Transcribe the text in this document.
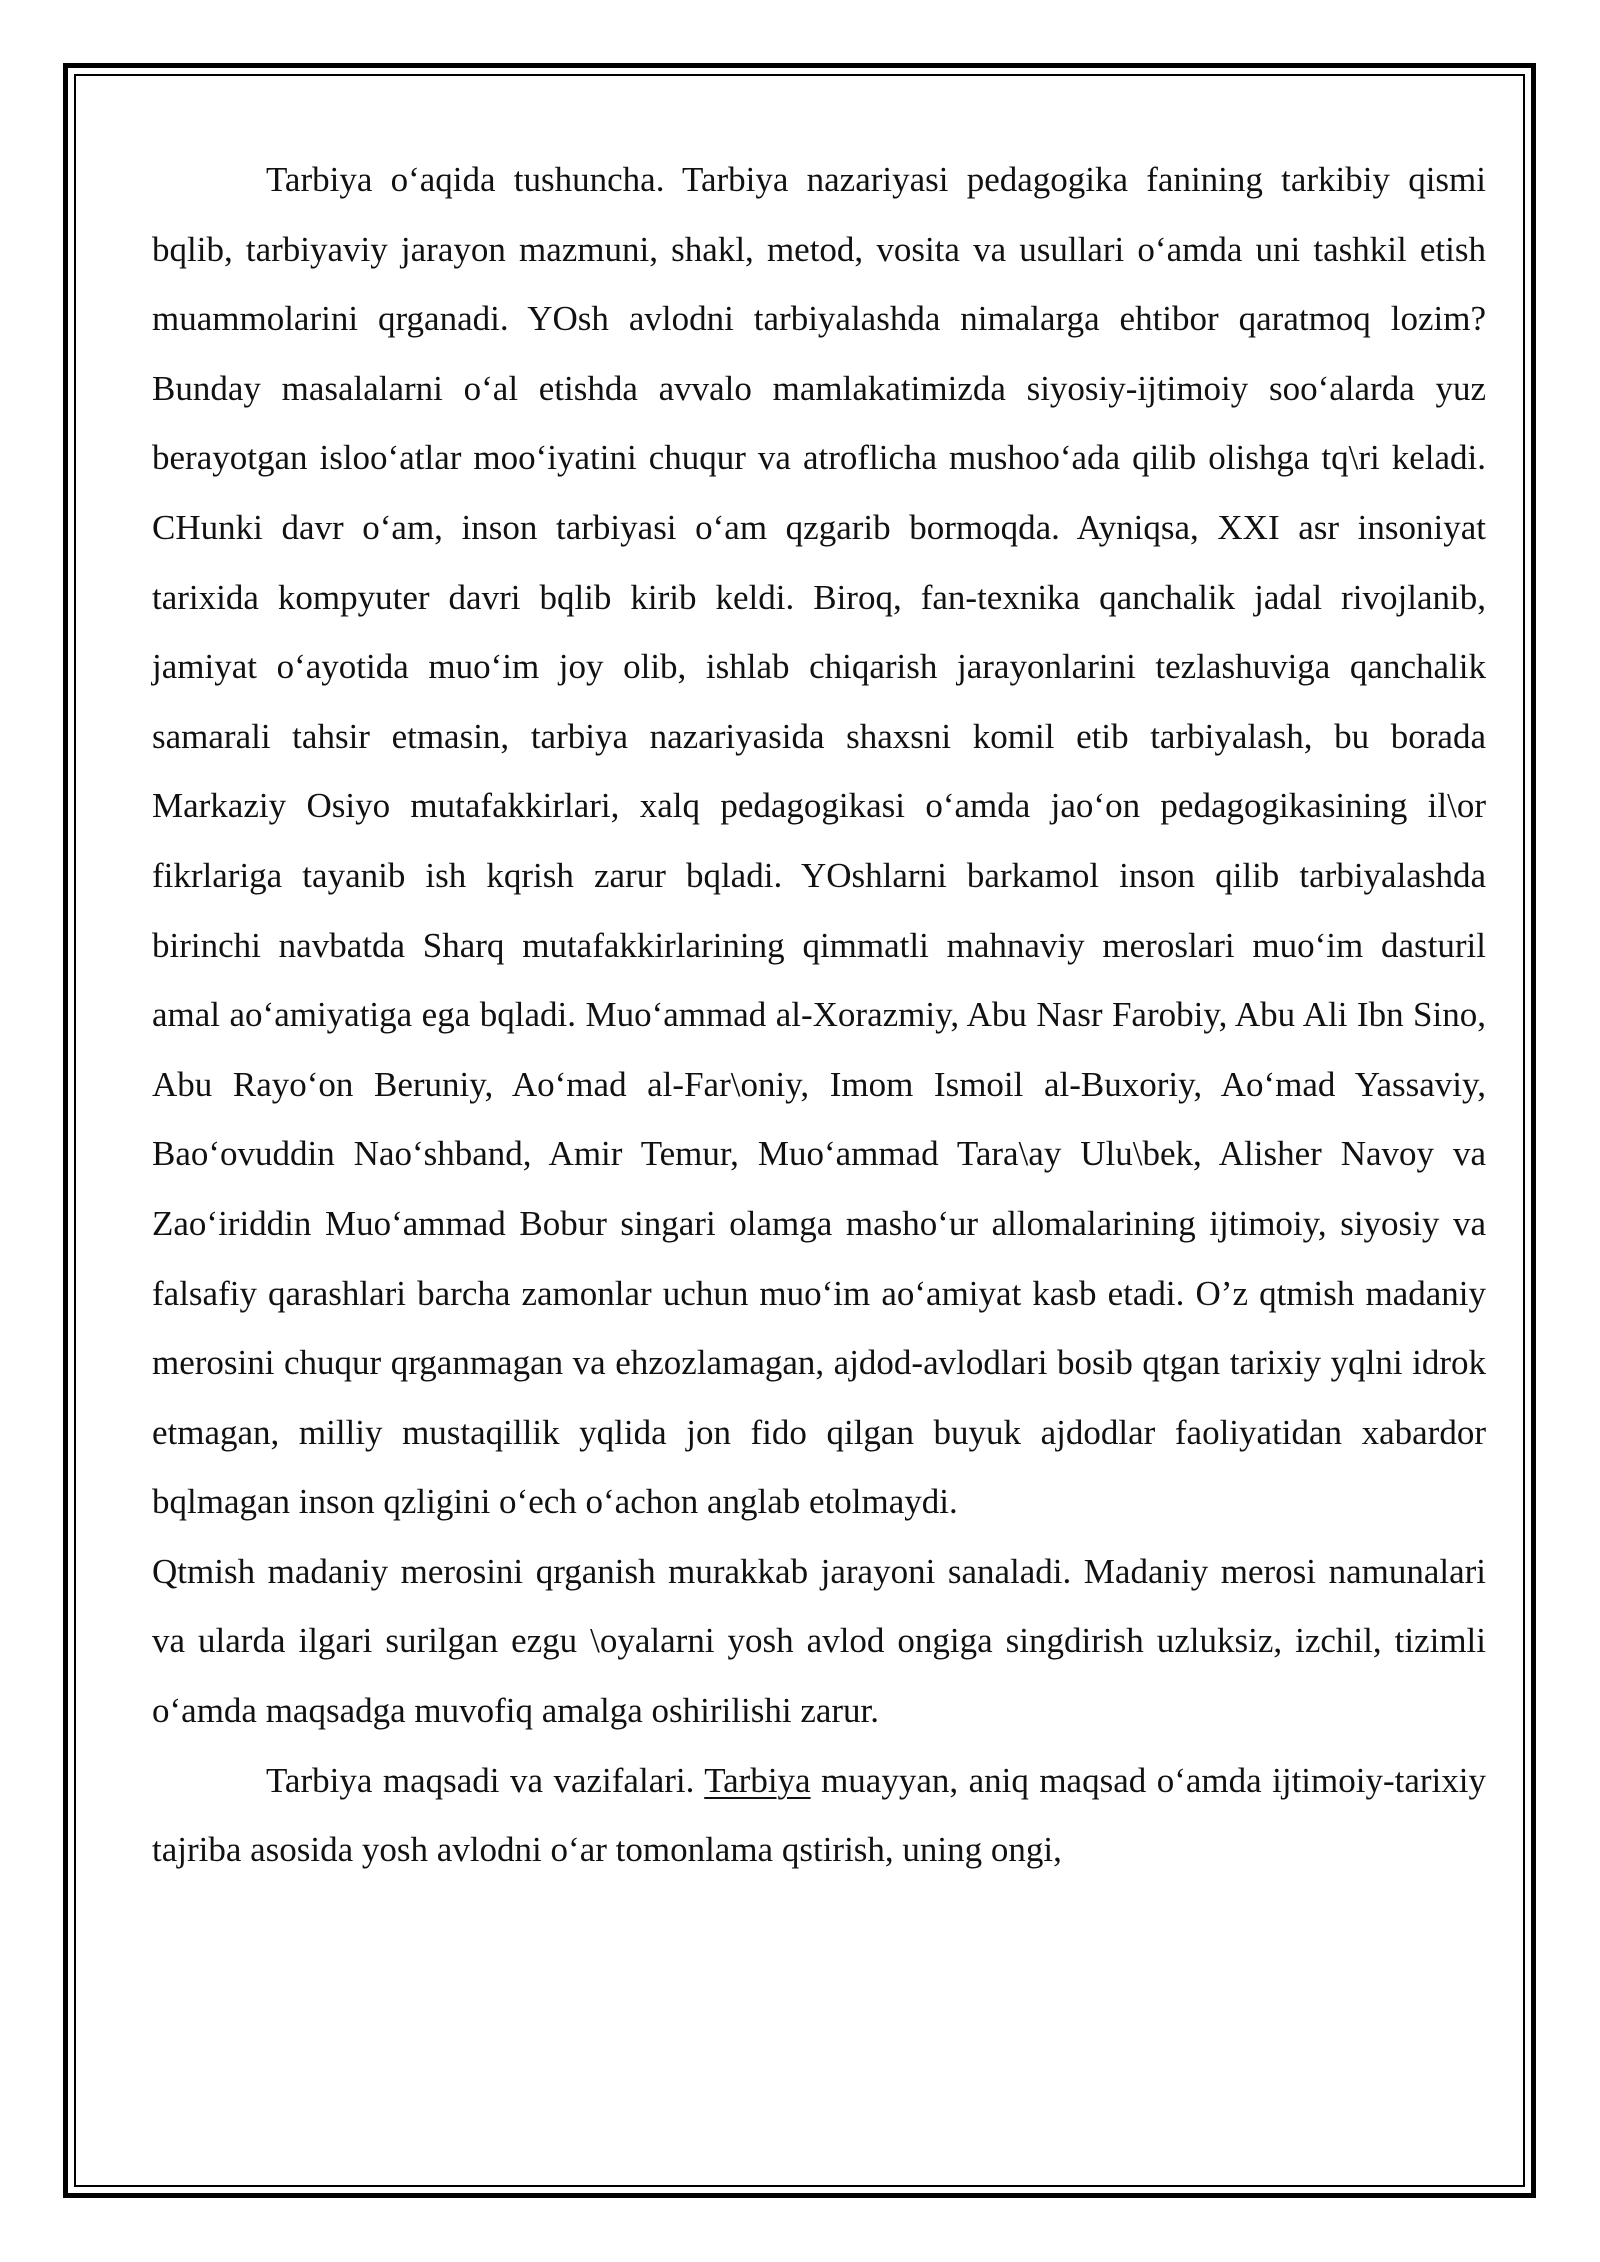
Tarbiya o‘aqida tushuncha. Tarbiya nazariyasi pedagogika fanining tarkibiy qismi bqlib, tarbiyaviy jarayon mazmuni, shakl, metod, vosita va usullari o‘amda uni tashkil etish muammolarini qrganadi. YOsh avlodni tarbiyalashda nimalarga ehtibor qaratmoq lozim? Bunday masalalarni o‘al etishda avvalo mamlakatimizda siyosiy-ijtimoiy soo‘alarda yuz berayotgan isloo‘atlar moo‘iyatini chuqur va atroflicha mushoo‘ada qilib olishga tq\ri keladi. CHunki davr o‘am, inson tarbiyasi o‘am qzgarib bormoqda. Ayniqsa, XXI asr insoniyat tarixida kompyuter davri bqlib kirib keldi. Biroq, fan-texnika qanchalik jadal rivojlanib, jamiyat o‘ayotida muo‘im joy olib, ishlab chiqarish jarayonlarini tezlashuviga qanchalik samarali tahsir etmasin, tarbiya nazariyasida shaxsni komil etib tarbiyalash, bu borada Markaziy Osiyo mutafakkirlari, xalq pedagogikasi o‘amda jao‘on pedagogikasining il\or fikrlariga tayanib ish kqrish zarur bqladi. YOshlarni barkamol inson qilib tarbiyalashda birinchi navbatda Sharq mutafakkirlarining qimmatli mahnaviy meroslari muo‘im dasturil amal ao‘amiyatiga ega bqladi. Muo‘ammad al-Xorazmiy, Abu Nasr Farobiy, Abu Ali Ibn Sino, Abu Rayo‘on Beruniy, Ao‘mad al-Far\oniy, Imom Ismoil al-Buxoriy, Ao‘mad Yassaviy, Bao‘ovuddin Nao‘shband, Amir Temur, Muo‘ammad Tara\ay Ulu\bek, Alisher Navoy va Zao‘iriddin Muo‘ammad Bobur singari olamga masho‘ur allomalarining ijtimoiy, siyosiy va falsafiy qarashlari barcha zamonlar uchun muo‘im ao‘amiyat kasb etadi. O’z qtmish madaniy merosini chuqur qrganmagan va ehzozlamagan, ajdod-avlodlari bosib qtgan tarixiy yqlni idrok etmagan, milliy mustaqillik yqlida jon fido qilgan buyuk ajdodlar faoliyatidan xabardor bqlmagan inson qzligini o‘ech o‘achon anglab etolmaydi.

Qtmish madaniy merosini qrganish murakkab jarayoni sanaladi. Madaniy merosi namunalari va ularda ilgari surilgan ezgu \oyalarni yosh avlod ongiga singdirish uzluksiz, izchil, tizimli o‘amda maqsadga muvofiq amalga oshirilishi zarur.

Tarbiya maqsadi va vazifalari. Tarbiya muayyan, aniq maqsad o‘amda ijtimoiy-tarixiy tajriba asosida yosh avlodni o‘ar tomonlama qstirish, uning ongi,
